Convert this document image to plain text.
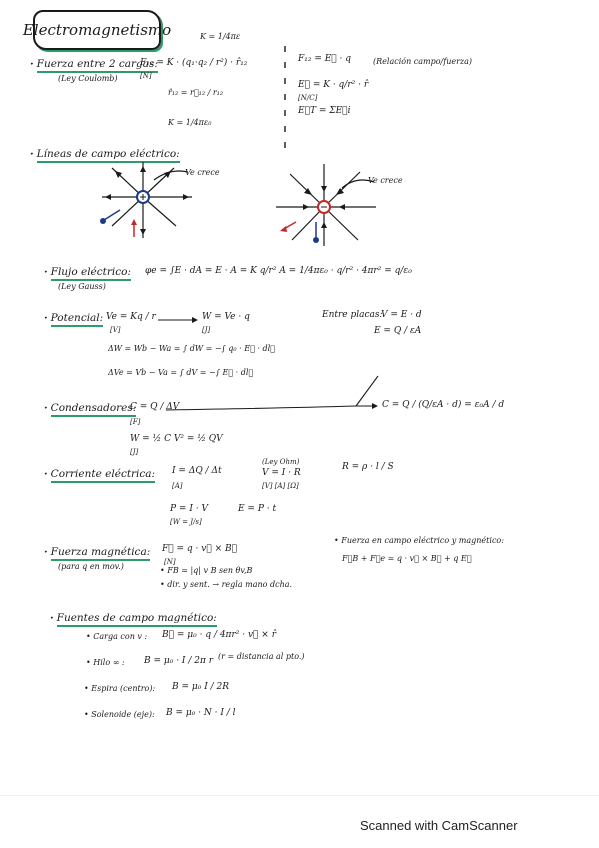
Electromagnetismo	K = 1/4πε
· Fuerza entre 2 cargas:
(Ley Coulomb)
F₁₂ = K · (q₁·q₂ / r²) · r̂₁₂
[N]
r̂₁₂ = r⃗₁₂ / r₁₂
K = 1/4πε₀
F₁₂ = E⃗ · q	(Relación campo/fuerza)
E⃗ = K · q/r² · r̂
[N/C]
E⃗T = ΣE⃗i
· Líneas de campo eléctrico:
Ve crece
Ve crece
· Flujo eléctrico:
(Ley Gauss)
φe = ∫E · dA = E · A = K q/r² A = 1/4πε₀ · q/r² · 4πr² = q/ε₀
· Potencial: Ve = Kq / r
[V]
W = Ve · q
[J]
ΔW = Wb − Wa = ∫ dW = −∫ q₀ · E⃗ · dl⃗
ΔVe = Vb − Va = ∫ dV = −∫ E⃗ · dl⃗
Entre placas:
V = E · d
E = Q / εA
· Condensadores:
C = Q / ΔV
[F]
W = ½ C V² = ½ QV
[J]
C = Q / (Q/εA · d) = ε₀A / d
· Corriente eléctrica: I = ΔQ / Δt
[A]
(Ley Ohm)
V = I · R
[V] [A] [Ω]
R = ρ · l / S
P = I · V
[W = J/s]
E = P · t
· Fuerza magnética:
(para q en mov.)
F⃗ = q · v⃗ × B⃗
[N]
• FB = |q| v B sen θv,B
• dir. y sent. → regla mano dcha.
• Fuerza en campo eléctrico y magnético:
F⃗B + F⃗e = q · v⃗ × B⃗ + q E⃗
· Fuentes de campo magnético:
• Carga con v : B⃗ = μ₀ · q / 4πr² · v⃗ × r̂
• Hilo ∞ : B = μ₀ · I / 2π r (r = distancia al pto.)
• Espira (centro): B = μ₀ I / 2R
• Solenoide (eje): B = μ₀ · N · I / l
Scanned with CamScanner
